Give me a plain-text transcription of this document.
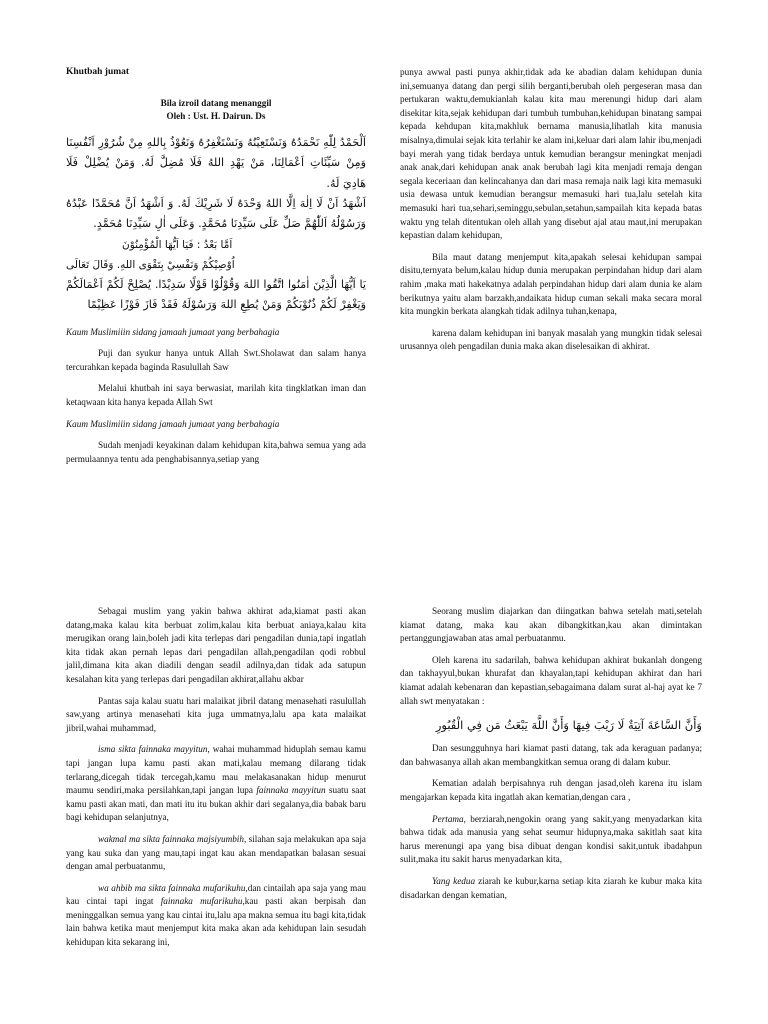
Khutbah jumat

Bila izroil datang menanggil

Oleh : Ust. H. Dairun. Ds

اَلْحَمْدُ لِلّٰهِ نَحْمَدُهُ وَنَسْتَعِيْنُهُ وَنَسْتَغْفِرُهُ وَنَعُوْذُ بِاللهِ مِنْ شُرُوْرِ اَنْفُسِنَا وَمِنْ سَيِّئَاتِ اَعْمَالِنَا، مَنْ يَهْدِ اللهُ فَلَا مُضِلَّ لَهُ. وَمَنْ يُضْلِلْ فَلَا هَادِيَ لَهُ.

اَشْهَدُ اَنْ لَا اِلٰهَ اِلَّا اللهُ وَحْدَهُ لَا شَرِيْكَ لَهُ. وَ اَشْهَدُ اَنَّ مُحَمَّدًا عَبْدُهُ وَرَسُوْلُهُ اَللّٰهُمَّ صَلِّ عَلَى سَيِّدِنَا مُحَمَّدٍ. وَعَلَى اٰلِ سَيِّدِنَا مُحَمَّدٍ.

اَمَّا بَعْدُ : فَيَا اَيُّهَا الْمُؤْمِنُوْنَ

اُوْصِيْكُمْ وَنَفْسِيْ بِتَقْوَى اللهِ. وَقَالَ تَعَالَى

يَا اَيُّهَا الَّذِيْنَ اٰمَنُوا اتَّقُوا اللهَ وَقُوْلُوْا قَوْلًا سَدِيْدًا. يُصْلِحْ لَكُمْ اَعْمَالَكُمْ وَيَغْفِرْ لَكُمْ ذُنُوْبَكُمْ وَمَنْ يُطِعِ اللهَ وَرَسُوْلَهُ فَقَدْ فَازَ فَوْزًا عَظِيْمًا

Kaum Muslimiiin sidang jamaah jumaat yang berbahagia

Puji dan syukur hanya untuk Allah Swt.Sholawat dan salam hanya tercurahkan kepada baginda Rasulullah Saw

Melalui khutbah ini saya berwasiat, marilah kita tingklatkan iman dan ketaqwaan kita hanya kepada Allah Swt

Kaum Muslimiiin sidang jamaah jumaat yang berbahagia

Sudah menjadi keyakinan dalam kehidupan kita,bahwa semua yang ada permulaannya tentu ada penghabisannya,setiap yang

punya awwal pasti punya akhir,tidak ada ke abadian dalam kehidupan dunia ini,semuanya datang dan pergi silih berganti,berubah oleh pergeseran masa dan pertukaran waktu,demukianlah kalau kita mau merenungi hidup dari alam disekitar kita,sejak kehidupan dari tumbuh tumbuhan,kehidupan binatang sampai kepada kehdupan kita,makhluk bernama manusia,lihatlah kita manusia misalnya,dimulai sejak kita terlahir ke alam ini,keluar dari alam lahir ibu,menjadi bayi merah yang tidak berdaya untuk kemudian berangsur meningkat menjadi anak anak,dari kehidupan anak anak berubah lagi kita menjadi remaja dengan segala keceriaan dan kelincahanya dan dari masa remaja naik lagi kita memasuki usia dewasa untuk kemudian berangsur memasuki hari tua,lalu setelah kita memasuki hari tua,sehari,seminggu,sebulan,setahun,sampailah kita kepada batas waktu yng telah ditentukan oleh allah yang disebut ajal atau maut,ini merupakan kepastian dalam kehidupan,

Bila maut datang menjemput kita,apakah selesai kehidupan sampai disitu,ternyata belum,kalau hidup dunia merupakan perpindahan hidup dari alam rahim ,maka mati hakekatnya adalah perpindahan hidup dari alam dunia ke alam berikutnya yaitu alam barzakh,andaikata hidup cuman sekali maka secara moral kita mungkin berkata alangkah tidak adilnya tuhan,kenapa,

karena dalam kehidupan ini banyak masalah yang mungkin tidak selesai urusannya oleh pengadilan dunia maka akan diselesaikan di akhirat.

Sebagai muslim yang yakin bahwa akhirat ada,kiamat pasti akan datang,maka kalau kita berbuat zolim,kalau kita berbuat aniaya,kalau kita merugikan orang lain,boleh jadi kita terlepas dari pengadilan dunia,tapi ingatlah kita tidak akan pernah lepas dari pengadilan allah,pengadilan qodi robbul jalil,dimana kita akan diadili dengan seadil adilnya,dan tidak ada satupun kesalahan kita yang terlepas dari pengadilan akhirat,allahu akbar

Pantas saja kalau suatu hari malaikat jibril datang menasehati rasulullah saw,yang artinya menasehati kita juga ummatnya,lalu apa kata malaikat jibril,wahai muhammad,

isma sikta fainnaka mayyitun, wahai muhammad hiduplah semau kamu tapi jangan lupa kamu pasti akan mati,kalau memang dilarang tidak terlarang,dicegah tidak tercegah,kamu mau melakasanakan hidup menurut maumu sendiri,maka persilahkan,tapi jangan lupa fainnaka mayyitun suatu saat kamu pasti akan mati, dan mati itu itu bukan akhir dari segalanya,dia babak baru bagi kehidupan selanjutnya,

wakmal ma sikta fainnaka majsiyumbih, silahan saja melakukan apa saja yang kau suka dan yang mau,tapi ingat kau akan mendapatkan balasan sesuai dengan amal perbuatanmu,

wa ahbib ma sikta fainnaka mufarikuhu,dan cintailah apa saja yang mau kau cintai tapi ingat fainnaka mufarikuhu,kau pasti akan berpisah dan meninggalkan semua yang kau cintai itu,lalu apa makna semua itu bagi kita,tidak lain bahwa ketika maut menjemput kita maka akan ada kehidupan lain sesudah kehidupan kita sekarang ini,

Seorang muslim diajarkan dan diingatkan bahwa setelah mati,setelah kiamat datang, maka kau akan dibangkitkan,kau akan dimintakan pertanggungjawaban atas amal perbuatanmu.

Oleh karena itu sadarilah, bahwa kehidupan akhirat bukanlah dongeng dan takhayyul,bukan khurafat dan khayalan,tapi kehidupan akhirat dan hari kiamat adalah kebenaran dan kepastian,sebagaimana dalam surat al-haj ayat ke 7 allah swt menyatakan :

وَأَنَّ السَّاعَةَ آتِيَةٌ لَا رَيْبَ فِيهَا وَأَنَّ اللَّهَ يَبْعَثُ مَن فِي الْقُبُورِ

Dan sesungguhnya hari kiamat pasti datang, tak ada keraguan padanya; dan bahwasanya allah akan membangkitkan semua orang di dalam kubur.

Kematian adalah berpisahnya ruh dengan jasad,oleh karena itu islam mengajarkan kepada kita ingatlah akan kematian,dengan cara ,

Pertama, berziarah,nengokin orang yang sakit,yang menyadarkan kita bahwa tidak ada manusia yang sehat seumur hidupnya,maka sakitlah saat kita harus merenungi apa yang bisa dibuat dengan kondisi sakit,untuk ibadahpun sulit,maka itu sakit harus menyadarkan kita,

Yang kedua ziarah ke kubur,karna setiap kita ziarah ke kubur maka kita disadarkan dengan kematian,
